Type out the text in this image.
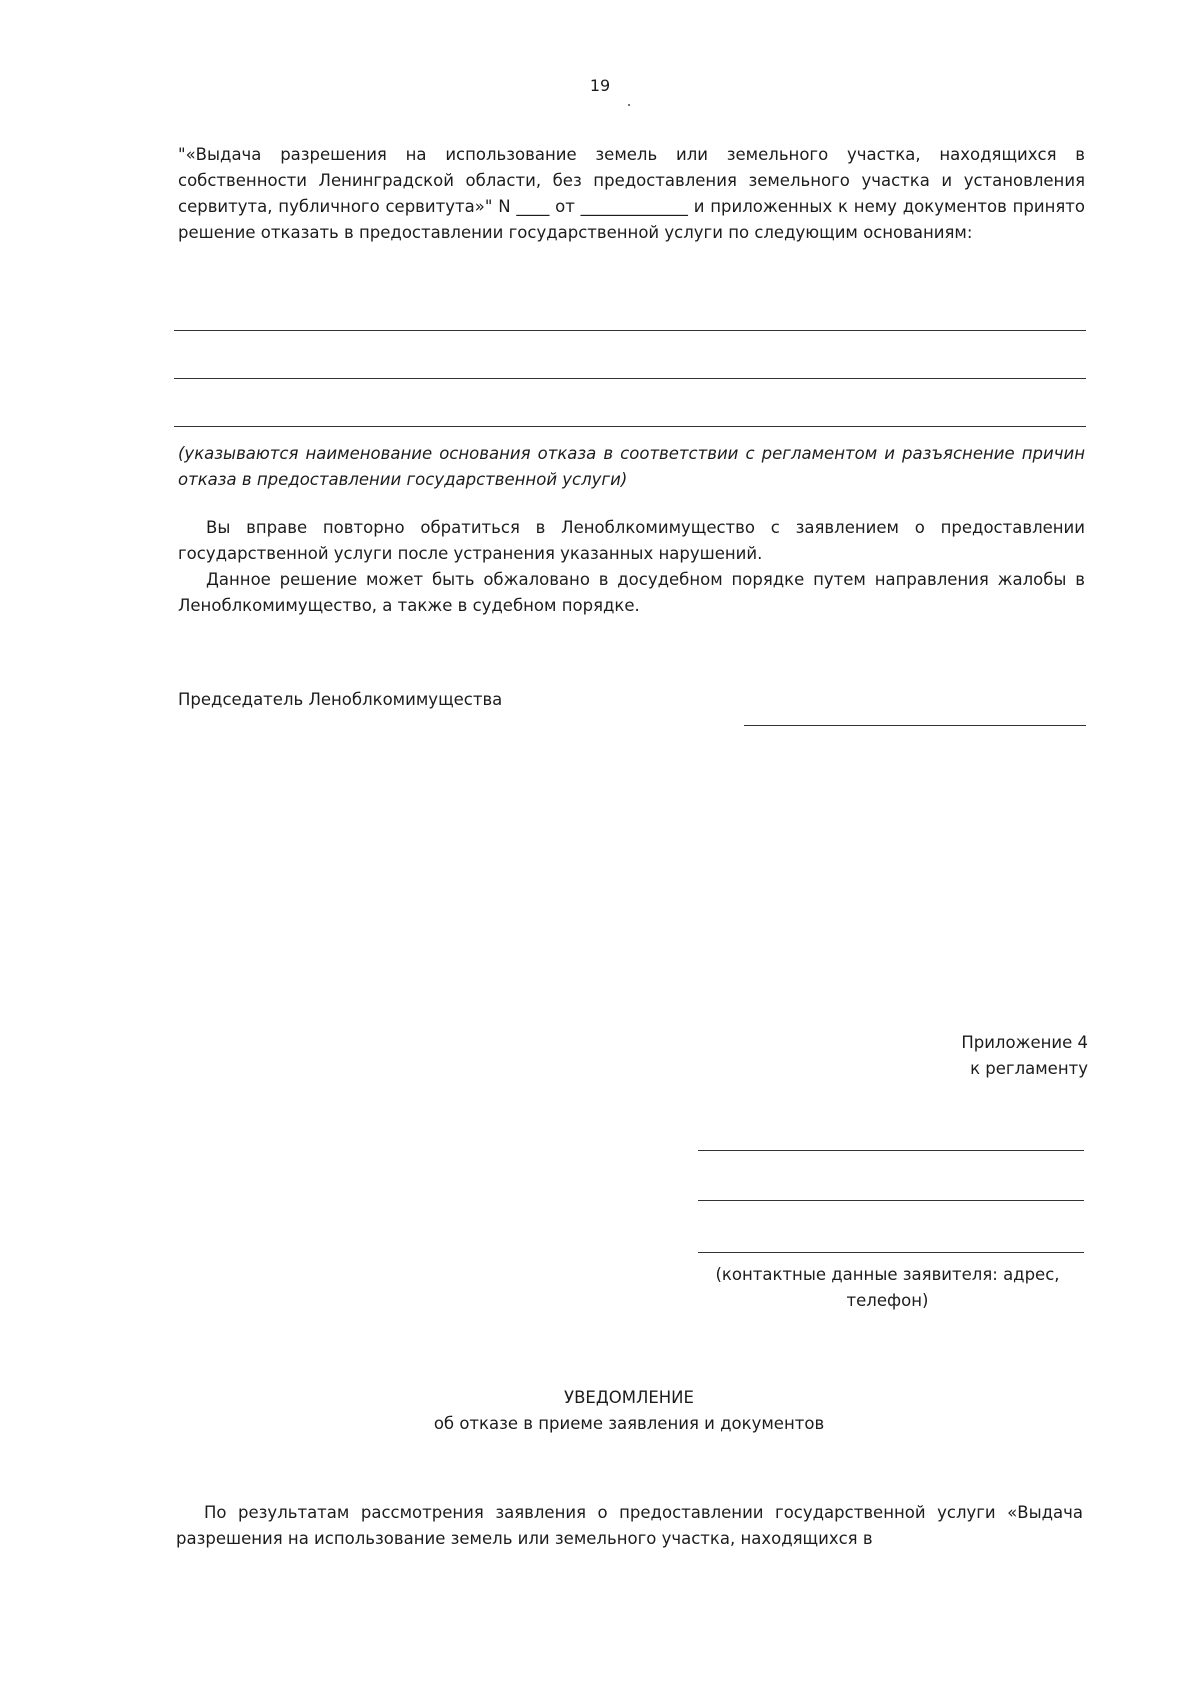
19

"«Выдача разрешения на использование земель или земельного участка, находящихся в собственности Ленинградской области, без предоставления земельного участка и установления сервитута, публичного сервитута»" N ____ от _____________ и приложенных к нему документов принято решение отказать в предоставлении государственной услуги по следующим основаниям:

(указываются наименование основания отказа в соответствии с регламентом и разъяснение причин отказа в предоставлении государственной услуги)

Вы вправе повторно обратиться в Леноблкомимущество с заявлением о предоставлении государственной услуги после устранения указанных нарушений.

Данное решение может быть обжаловано в досудебном порядке путем направления жалобы в Леноблкомимущество, а также в судебном порядке.

Председатель Леноблкомимущества
Приложение 4
к регламенту
(контактные данные заявителя: адрес, телефон)
УВЕДОМЛЕНИЕ
об отказе в приеме заявления и документов

По результатам рассмотрения заявления о предоставлении государственной услуги «Выдача разрешения на использование земель или земельного участка, находящихся в
